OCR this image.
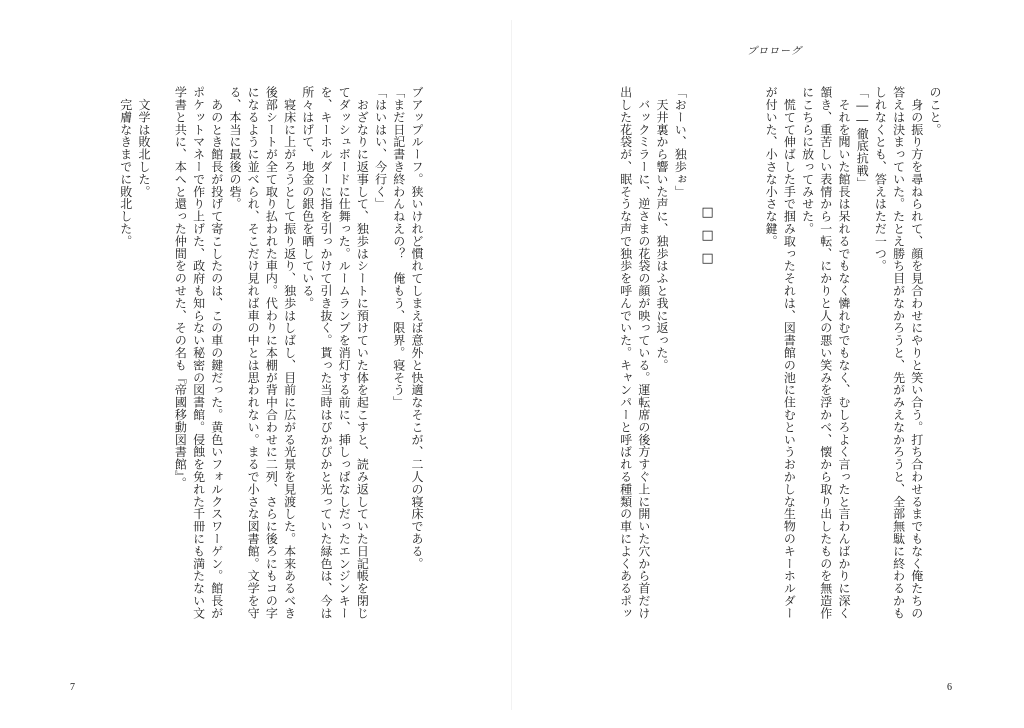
ブアップルーフ。狭いけれど慣れてしまえば意外と快適なそこが、二人の寝床である。

「まだ日記書き終わんねえの？　俺もう、限界。寝そう」

「はいはい、今行く」

　おざなりに返事して、独歩はシートに預けていた体を起こすと、読み返していた日記帳を閉じ

てダッシュボードに仕舞った。ルームランプを消灯する前に、挿しっぱなしだったエンジンキー

を、キーホルダーに指を引っかけて引き抜く。貰った当時はぴかぴかと光っていた緑色は、今は

所々はげて、地金の銀色を晒している。

　寝床に上がろうとして振り返り、独歩はしばし、目前に広がる光景を見渡した。本来あるべき

後部シートが全て取り払われた車内。代わりに本棚が背中合わせに二列、さらに後ろにもコの字

になるように並べられ、そこだけ見れば車の中とは思われない。まるで小さな図書館。文学を守

る、本当に最後の砦。

　あのとき館長が投げて寄こしたのは、この車の鍵だった。黄色いフォルクスワーゲン。館長が

ポケットマネーで作り上げた、政府も知らない秘密の図書館。侵蝕を免れた千冊にも満たない文

学書と共に、本へと還った仲間をのせた、その名も『帝國移動図書館』。

　文学は敗北した。

　完膚なきまでに敗北した。

7
プロローグ

のこと。

　身の振り方を尋ねられて、顔を見合わせにやりと笑い合う。打ち合わせるまでもなく俺たちの

答えは決まっていた。たとえ勝ち目がなかろうと、先がみえなかろうと、全部無駄に終わるかも

しれなくとも、答えはただ一つ。

「――徹底抗戦」

　それを聞いた館長は呆れるでもなく憐れむでもなく、むしろよく言ったと言わんばかりに深く

頷き、重苦しい表情から一転、にかりと人の悪い笑みを浮かべ、懐から取り出したものを無造作

にこちらに放ってみせた。

　慌てて伸ばした手で掴み取ったそれは、図書館の池に住むというおかしな生物のキーホルダー

が付いた、小さな小さな鍵。

「おーい、独歩ぉ」

　天井裏から響いた声に、独歩はふと我に返った。

　バックミラーに、逆さまの花袋の顔が映っている。運転席の後方すぐ上に開いた穴から首だけ

出した花袋が、眠そうな声で独歩を呼んでいた。キャンパーと呼ばれる種類の車によくあるポッ	□□□
6
